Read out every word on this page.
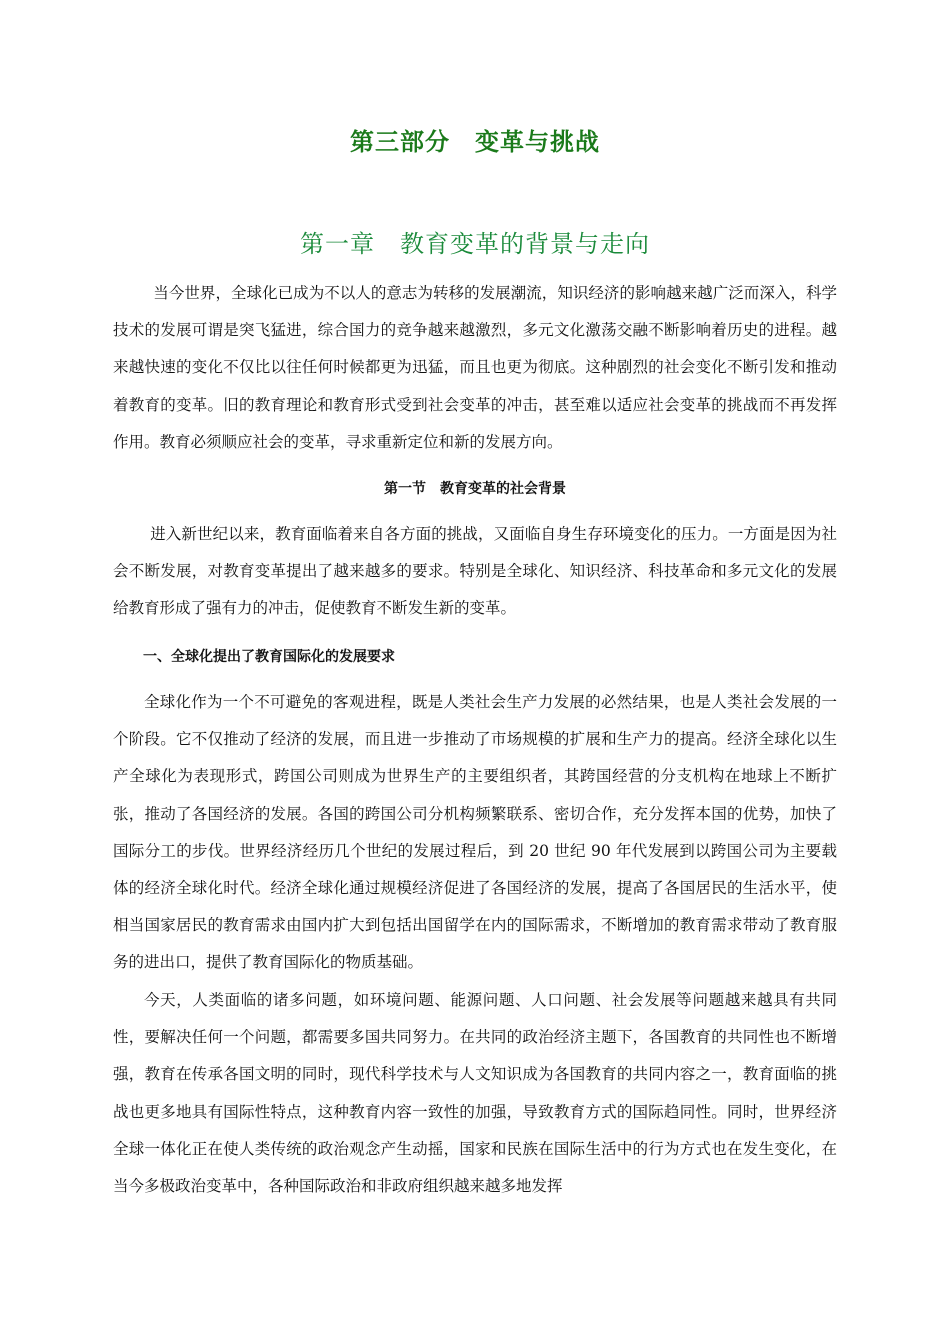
第三部分　变革与挑战
第一章　教育变革的背景与走向

当今世界，全球化已成为不以人的意志为转移的发展潮流，知识经济的影响越来越广泛而深入，科学技术的发展可谓是突飞猛进，综合国力的竞争越来越激烈，多元文化激荡交融不断影响着历史的进程。越来越快速的变化不仅比以往任何时候都更为迅猛，而且也更为彻底。这种剧烈的社会变化不断引发和推动着教育的变革。旧的教育理论和教育形式受到社会变革的冲击，甚至难以适应社会变革的挑战而不再发挥作用。教育必须顺应社会的变革，寻求重新定位和新的发展方向。

第一节　教育变革的社会背景

进入新世纪以来，教育面临着来自各方面的挑战，又面临自身生存环境变化的压力。一方面是因为社会不断发展，对教育变革提出了越来越多的要求。特别是全球化、知识经济、科技革命和多元文化的发展给教育形成了强有力的冲击，促使教育不断发生新的变革。

一、全球化提出了教育国际化的发展要求

全球化作为一个不可避免的客观进程，既是人类社会生产力发展的必然结果，也是人类社会发展的一个阶段。它不仅推动了经济的发展，而且进一步推动了市场规模的扩展和生产力的提高。经济全球化以生产全球化为表现形式，跨国公司则成为世界生产的主要组织者，其跨国经营的分支机构在地球上不断扩张，推动了各国经济的发展。各国的跨国公司分机构频繁联系、密切合作，充分发挥本国的优势，加快了国际分工的步伐。世界经济经历几个世纪的发展过程后，到 20 世纪 90 年代发展到以跨国公司为主要载体的经济全球化时代。经济全球化通过规模经济促进了各国经济的发展，提高了各国居民的生活水平，使相当国家居民的教育需求由国内扩大到包括出国留学在内的国际需求，不断增加的教育需求带动了教育服务的进出口，提供了教育国际化的物质基础。

今天，人类面临的诸多问题，如环境问题、能源问题、人口问题、社会发展等问题越来越具有共同性，要解决任何一个问题，都需要多国共同努力。在共同的政治经济主题下，各国教育的共同性也不断增强，教育在传承各国文明的同时，现代科学技术与人文知识成为各国教育的共同内容之一，教育面临的挑战也更多地具有国际性特点，这种教育内容一致性的加强，导致教育方式的国际趋同性。同时，世界经济全球一体化正在使人类传统的政治观念产生动摇，国家和民族在国际生活中的行为方式也在发生变化，在当今多极政治变革中，各种国际政治和非政府组织越来越多地发挥
